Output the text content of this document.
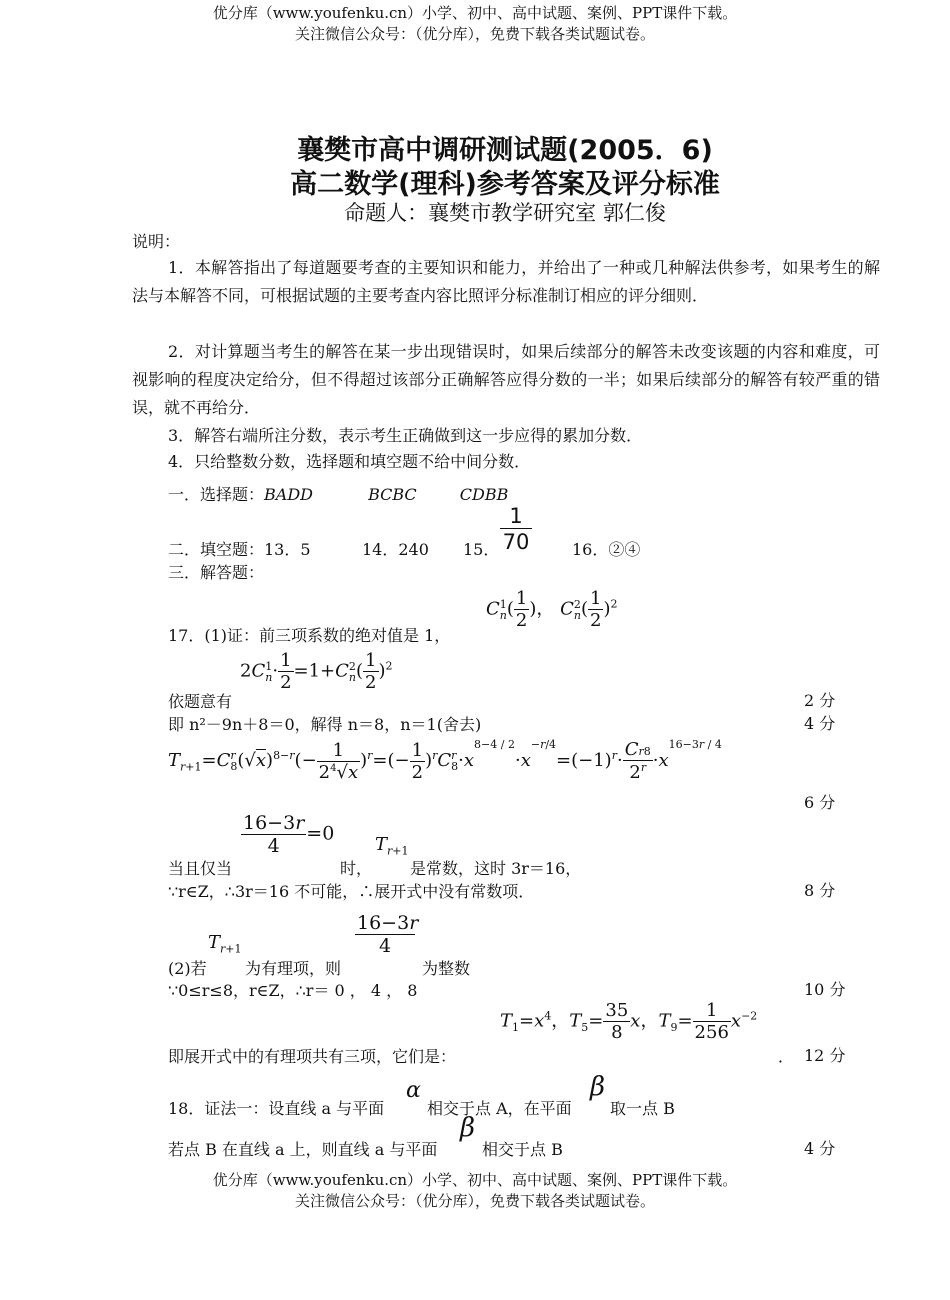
优分库（www.youfenku.cn）小学、初中、高中试题、案例、PPT课件下载。
关注微信公众号：（优分库），免费下载各类试题试卷。
襄樊市高中调研测试题(2005．6)
高二数学(理科)参考答案及评分标准
命题人：襄樊市教学研究室 郭仁俊
说明：
1．本解答指出了每道题要考查的主要知识和能力，并给出了一种或几种解法供参考，如果考生的解法与本解答不同，可根据试题的主要考查内容比照评分标准制订相应的评分细则．
2．对计算题当考生的解答在某一步出现错误时，如果后续部分的解答未改变该题的内容和难度，可视影响的程度决定给分，但不得超过该部分正确解答应得分数的一半；如果后续部分的解答有较严重的错误，就不再给分．
3．解答右端所注分数，表示考生正确做到这一步应得的累加分数．
4．只给整数分数，选择题和填空题不给中间分数．
一．选择题：BADD	BCBC	CDBB
二．填空题： 13．5	14．240 15． $\frac{1}{70}$	16．②④
三．解答题：
C 1
n ( $\frac{1}{2}$ )， C 2
n ( $\frac{1}{2} )^2$
17．(1)证：前三项系数的绝对值是 1，
2C 1
$n \cdot \frac{1}{2} =1+C$ 2
n ( $\frac{1}{2} )^2$
依题意有	2 分
即 n²－9n＋8＝0，解得 n＝8，n＝1(舍去)	4 分
$T_{r+1}=C$ r
8 $(√x)^{8-r}(- \frac{1}{2^4√x} )^r=(- \frac{1}{2} )^rC$ r
$8 \cdot x^{8-4 / 2}\cdot x^{-r/4}=(-1)^r\cdot \frac{Cr8}{2^r} \cdot x^{16-3r / 4}$
6 分
$\frac{16-3r}{4} =0$
当且仅当	时，
$T_{r+1}$
是常数，这时 3r＝16，
∵r∈Z，∴3r＝16 不可能，∴展开式中没有常数项．	8 分
$\frac{16-3r}{4}$
$T_{r+1}$
(2)若 为有理项，则	为整数
∵0≤r≤8，r∈Z，∴r＝ 0 ， 4 ， 8	10 分
$T_1=x^4$，$T_5= \frac{35}{8}$ x，$T_9= \frac{1}{256} x^{-2}$
即展开式中的有理项共有三项，它们是：	． 12 分
18．证法一：设直线 a 与平面
α
相交于点 A，在平面
β
取一点 B
若点 B 在直线 a 上，则直线 a 与平面
β
相交于点 B	4 分
优分库（www.youfenku.cn）小学、初中、高中试题、案例、PPT课件下载。
关注微信公众号：（优分库），免费下载各类试题试卷。
